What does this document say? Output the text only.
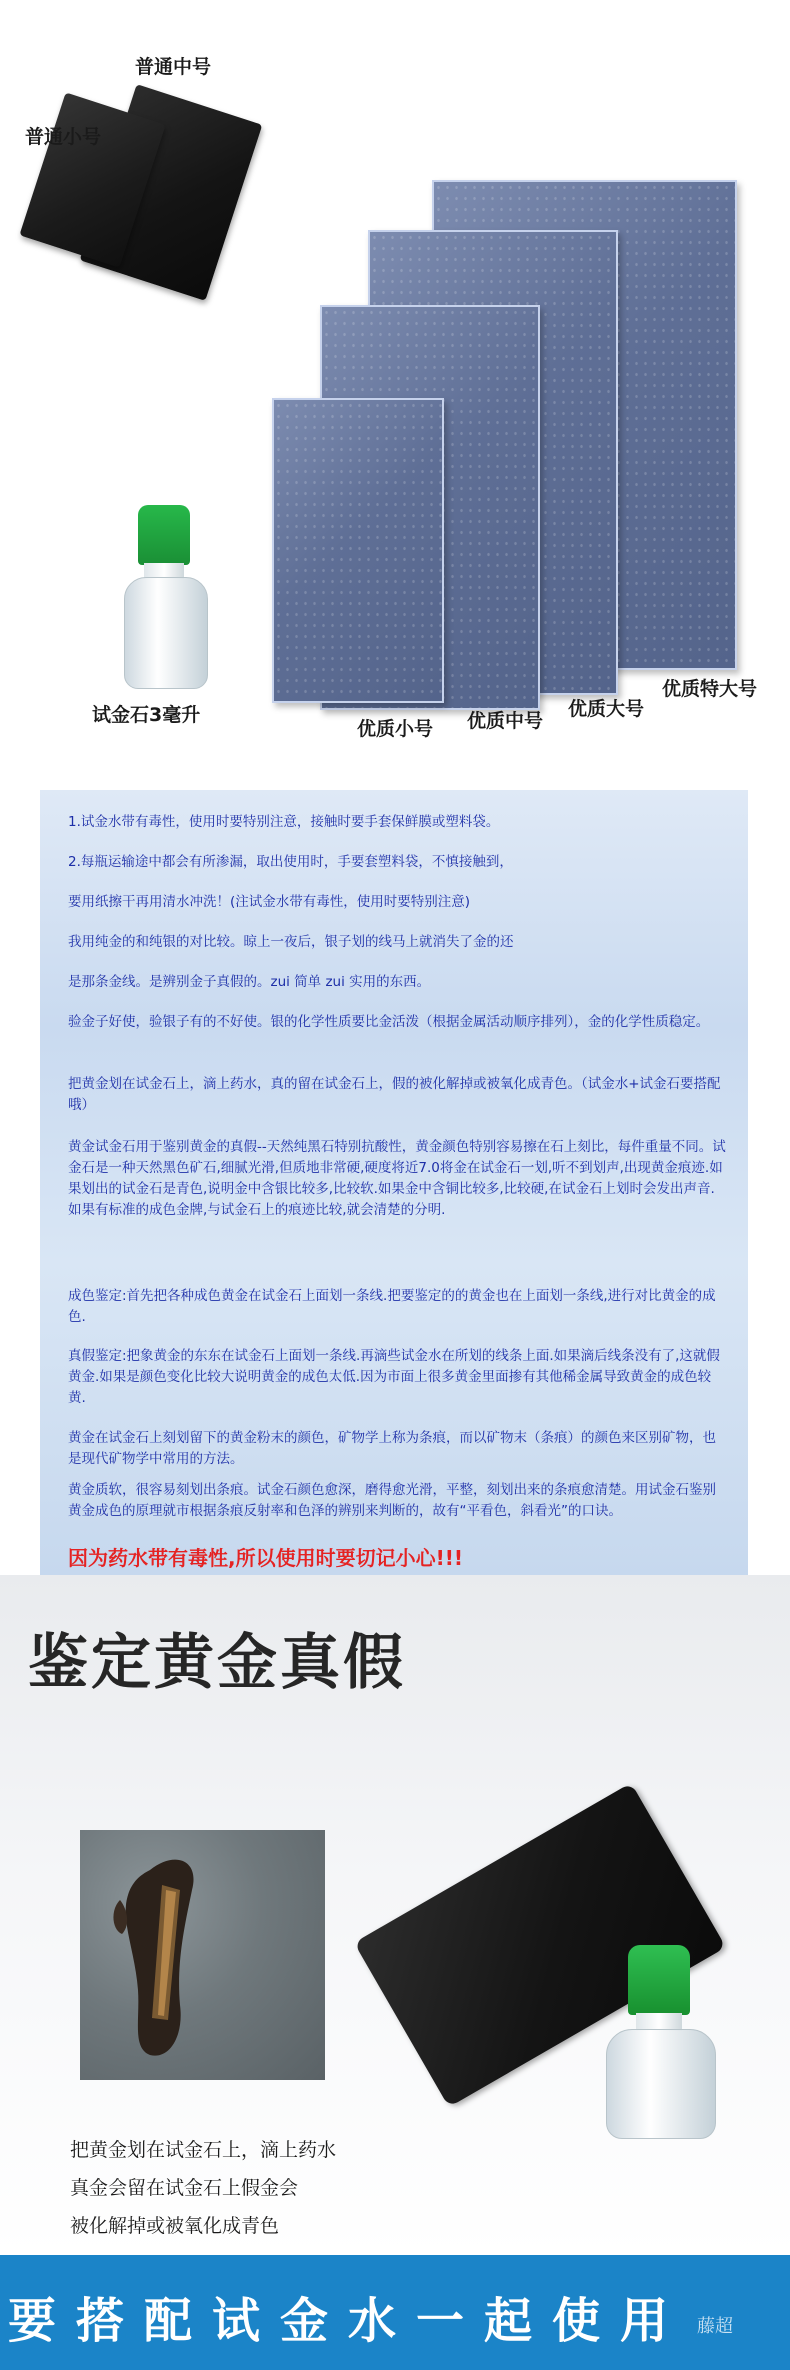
普通中号
普通小号
试金石3毫升
优质小号 优质中号
优质大号
优质特大号

1.试金水带有毒性，使用时要特别注意，接触时要手套保鲜膜或塑料袋。

2.每瓶运输途中都会有所渗漏，取出使用时，手要套塑料袋，不慎接触到，

要用纸擦干再用清水冲洗！(注试金水带有毒性，使用时要特别注意)

我用纯金的和纯银的对比较。晾上一夜后，银子划的线马上就消失了金的还

是那条金线。是辨别金子真假的。zui 简单 zui 实用的东西。

验金子好使，验银子有的不好使。银的化学性质要比金活泼（根据金属活动顺序排列），金的化学性质稳定。

把黄金划在试金石上，滴上药水，真的留在试金石上，假的被化解掉或被氧化成青色。（试金水+试金石要搭配哦）

黄金试金石用于鉴别黄金的真假--天然纯黑石特别抗酸性，黄金颜色特别容易擦在石上刻比，每件重量不同。试金石是一种天然黑色矿石,细腻光滑,但质地非常硬,硬度将近7.0将金在试金石一划,听不到划声,出现黄金痕迹.如果划出的试金石是青色,说明金中含银比较多,比较软.如果金中含铜比较多,比较硬,在试金石上划时会发出声音.如果有标准的成色金牌,与试金石上的痕迹比较,就会清楚的分明.

成色鉴定:首先把各种成色黄金在试金石上面划一条线.把要鉴定的的黄金也在上面划一条线,进行对比黄金的成色.

真假鉴定:把象黄金的东东在试金石上面划一条线.再滴些试金水在所划的线条上面.如果滴后线条没有了,这就假黄金.如果是颜色变化比较大说明黄金的成色太低.因为市面上很多黄金里面掺有其他稀金属导致黄金的成色较黄.

黄金在试金石上刻划留下的黄金粉末的颜色，矿物学上称为条痕，而以矿物末（条痕）的颜色来区别矿物，也是现代矿物学中常用的方法。

黄金质软，很容易刻划出条痕。试金石颜色愈深，磨得愈光滑，平整，刻划出来的条痕愈清楚。用试金石鉴别黄金成色的原理就市根据条痕反射率和色泽的辨别来判断的，故有“平看色，斜看光”的口诀。

因为药水带有毒性,所以使用时要切记小心!!!

鉴定黄金真假
把黄金划在试金石上，滴上药水
真金会留在试金石上假金会
被化解掉或被氧化成青色
要搭配试金水一起使用 藤超
